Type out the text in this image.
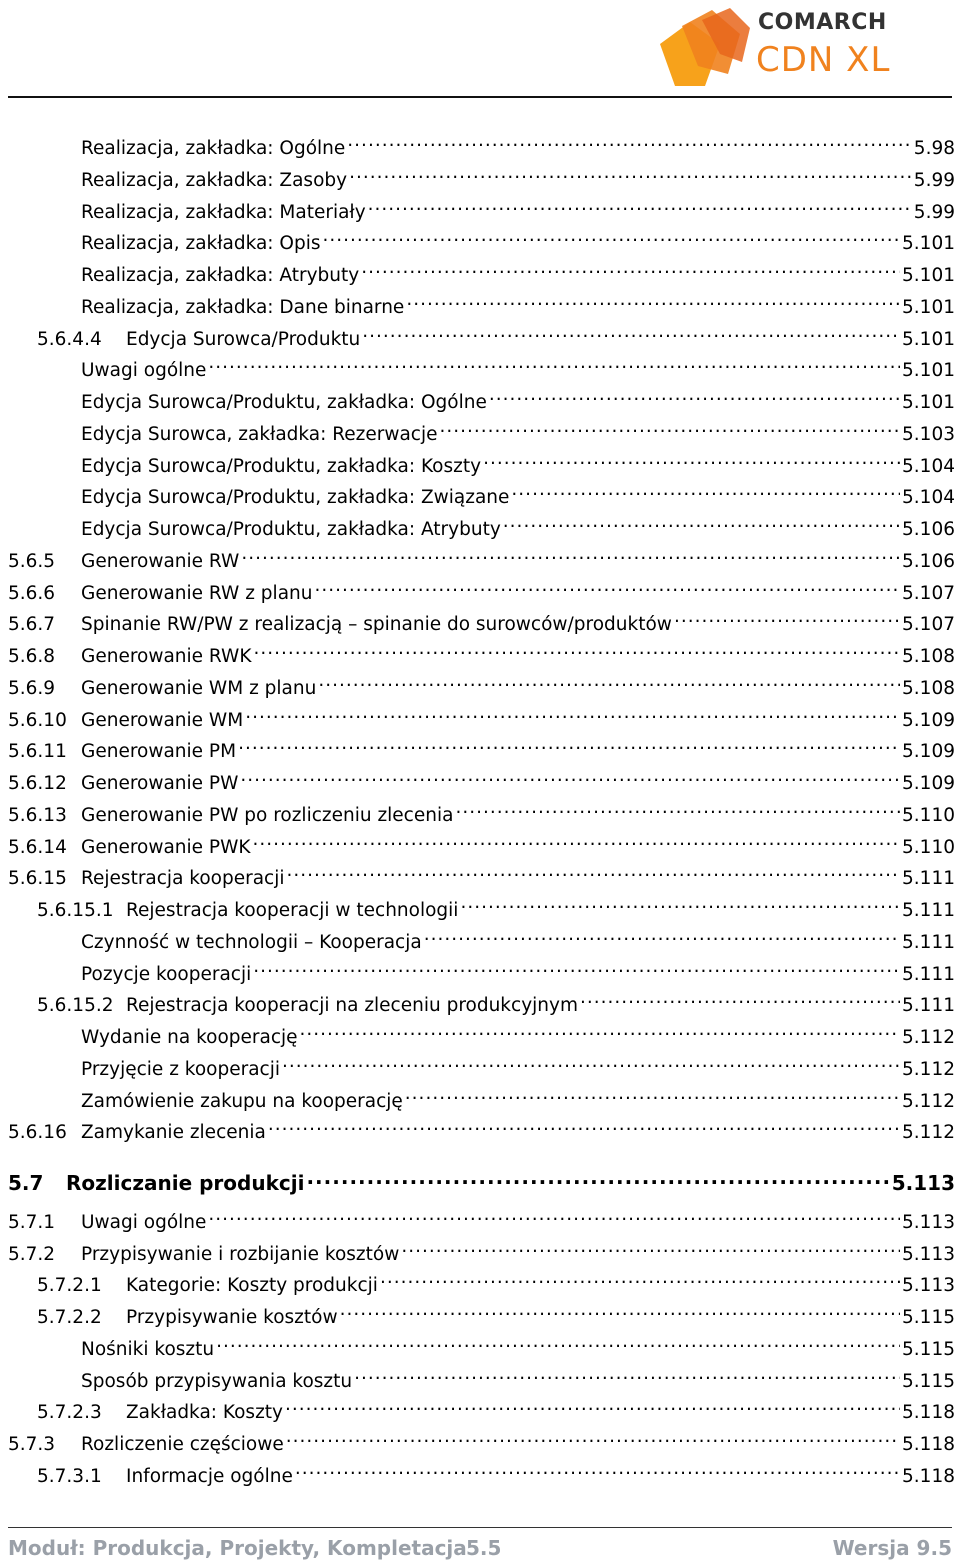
COMARCH
CDN XL
Realizacja, zakładka: Ogólne .....	5.98
Realizacja, zakładka: Zasoby .....	5.99
Realizacja, zakładka: Materiały .....	5.99
Realizacja, zakładka: Opis .....	5.101
Realizacja, zakładka: Atrybuty .....	5.101
Realizacja, zakładka: Dane binarne .....	5.101
5.6.4.4	Edycja Surowca/Produktu .....	5.101
Uwagi ogólne .....	5.101
Edycja Surowca/Produktu, zakładka: Ogólne .....	5.101
Edycja Surowca, zakładka: Rezerwacje .....	5.103
Edycja Surowca/Produktu, zakładka: Koszty .....	5.104
Edycja Surowca/Produktu, zakładka: Związane .....	5.104
Edycja Surowca/Produktu, zakładka: Atrybuty .....	5.106
5.6.5	Generowanie RW .....	5.106
5.6.6	Generowanie RW z planu .....	5.107
5.6.7	Spinanie RW/PW z realizacją – spinanie do surowców/produktów .....	5.107
5.6.8	Generowanie RWK .....	5.108
5.6.9	Generowanie WM z planu .....	5.108
5.6.10 Generowanie WM .....	5.109
5.6.11 Generowanie PM .....	5.109
5.6.12 Generowanie PW .....	5.109
5.6.13 Generowanie PW po rozliczeniu zlecenia .....	5.110
5.6.14 Generowanie PWK .....	5.110
5.6.15 Rejestracja kooperacji .....	5.111
5.6.15.1 Rejestracja kooperacji w technologii .....	5.111
Czynność w technologii – Kooperacja .....	5.111
Pozycje kooperacji .....	5.111
5.6.15.2 Rejestracja kooperacji na zleceniu produkcyjnym .....	5.111
Wydanie na kooperację .....	5.112
Przyjęcie z kooperacji .....	5.112
Zamówienie zakupu na kooperację .....	5.112
5.6.16 Zamykanie zlecenia .....	5.112
5.7	Rozliczanie produkcji .....	5.113
5.7.1	Uwagi ogólne .....	5.113
5.7.2	Przypisywanie i rozbijanie kosztów .....	5.113
5.7.2.1	Kategorie: Koszty produkcji .....	5.113
5.7.2.2	Przypisywanie kosztów .....	5.115
Nośniki kosztu .....	5.115
Sposób przypisywania kosztu .....	5.115
5.7.2.3	Zakładka: Koszty .....	5.118
5.7.3	Rozliczenie częściowe .....	5.118
5.7.3.1	Informacje ogólne .....	5.118
Moduł: Produkcja, Projekty, Kompletacja 5.5	Wersja 9.5
